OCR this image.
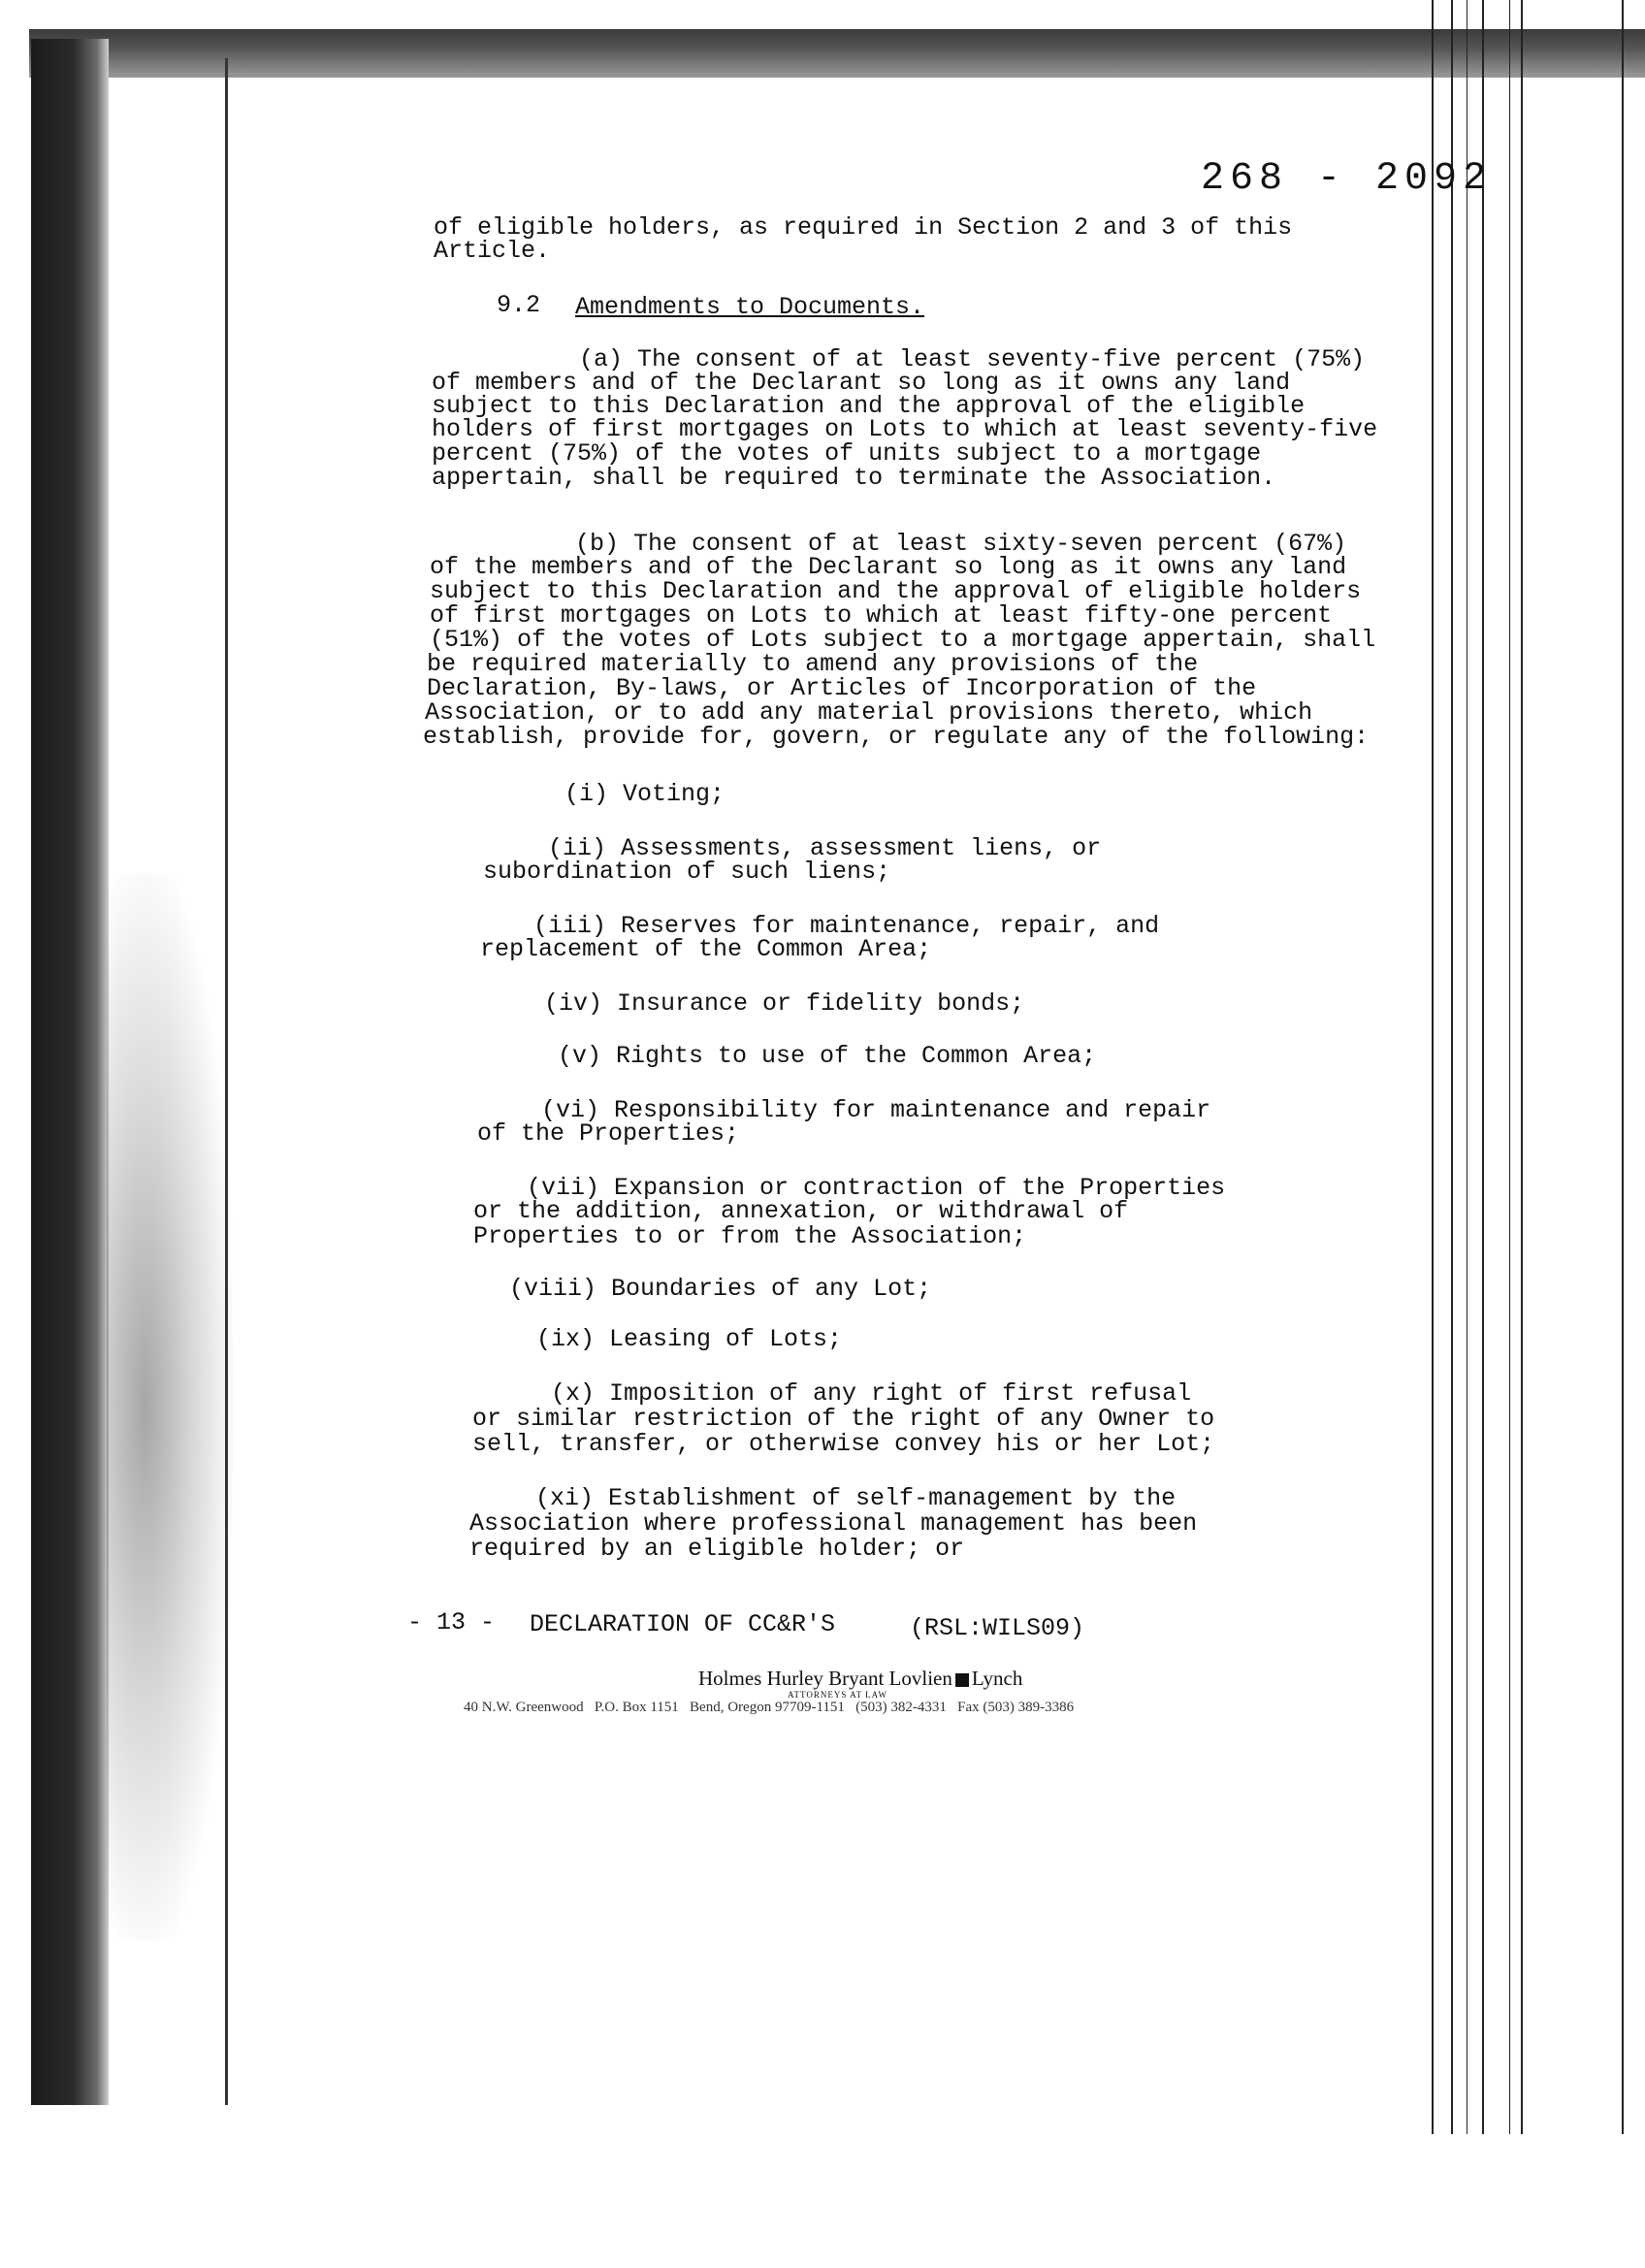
268 - 2092
of eligible holders, as required in Section 2 and 3 of this
Article.
9.2 Amendments to Documents.
(a) The consent of at least seventy-five percent (75%)
of members and of the Declarant so long as it owns any land
subject to this Declaration and the approval of the eligible
holders of first mortgages on Lots to which at least seventy-five
percent (75%) of the votes of units subject to a mortgage
appertain, shall be required to terminate the Association.
(b) The consent of at least sixty-seven percent (67%)
of the members and of the Declarant so long as it owns any land
subject to this Declaration and the approval of eligible holders
of first mortgages on Lots to which at least fifty-one percent
(51%) of the votes of Lots subject to a mortgage appertain, shall
be required materially to amend any provisions of the
Declaration, By-laws, or Articles of Incorporation of the
Association, or to add any material provisions thereto, which
establish, provide for, govern, or regulate any of the following:
(i) Voting;
(ii) Assessments, assessment liens, or
subordination of such liens;
(iii) Reserves for maintenance, repair, and
replacement of the Common Area;
(iv) Insurance or fidelity bonds;
(v) Rights to use of the Common Area;
(vi) Responsibility for maintenance and repair
of the Properties;
(vii) Expansion or contraction of the Properties
or the addition, annexation, or withdrawal of
Properties to or from the Association;
(viii) Boundaries of any Lot;
(ix) Leasing of Lots;
(x) Imposition of any right of first refusal
or similar restriction of the right of any Owner to
sell, transfer, or otherwise convey his or her Lot;
(xi) Establishment of self-management by the
Association where professional management has been
required by an eligible holder; or
- 13 - DECLARATION OF CC&R'S	(RSL:WILS09)
Holmes Hurley Bryant Lovlien Lynch
ATTORNEYS AT LAW
40 N.W. Greenwood   P.O. Box 1151   Bend, Oregon 97709-1151   (503) 382-4331   Fax (503) 389-3386
